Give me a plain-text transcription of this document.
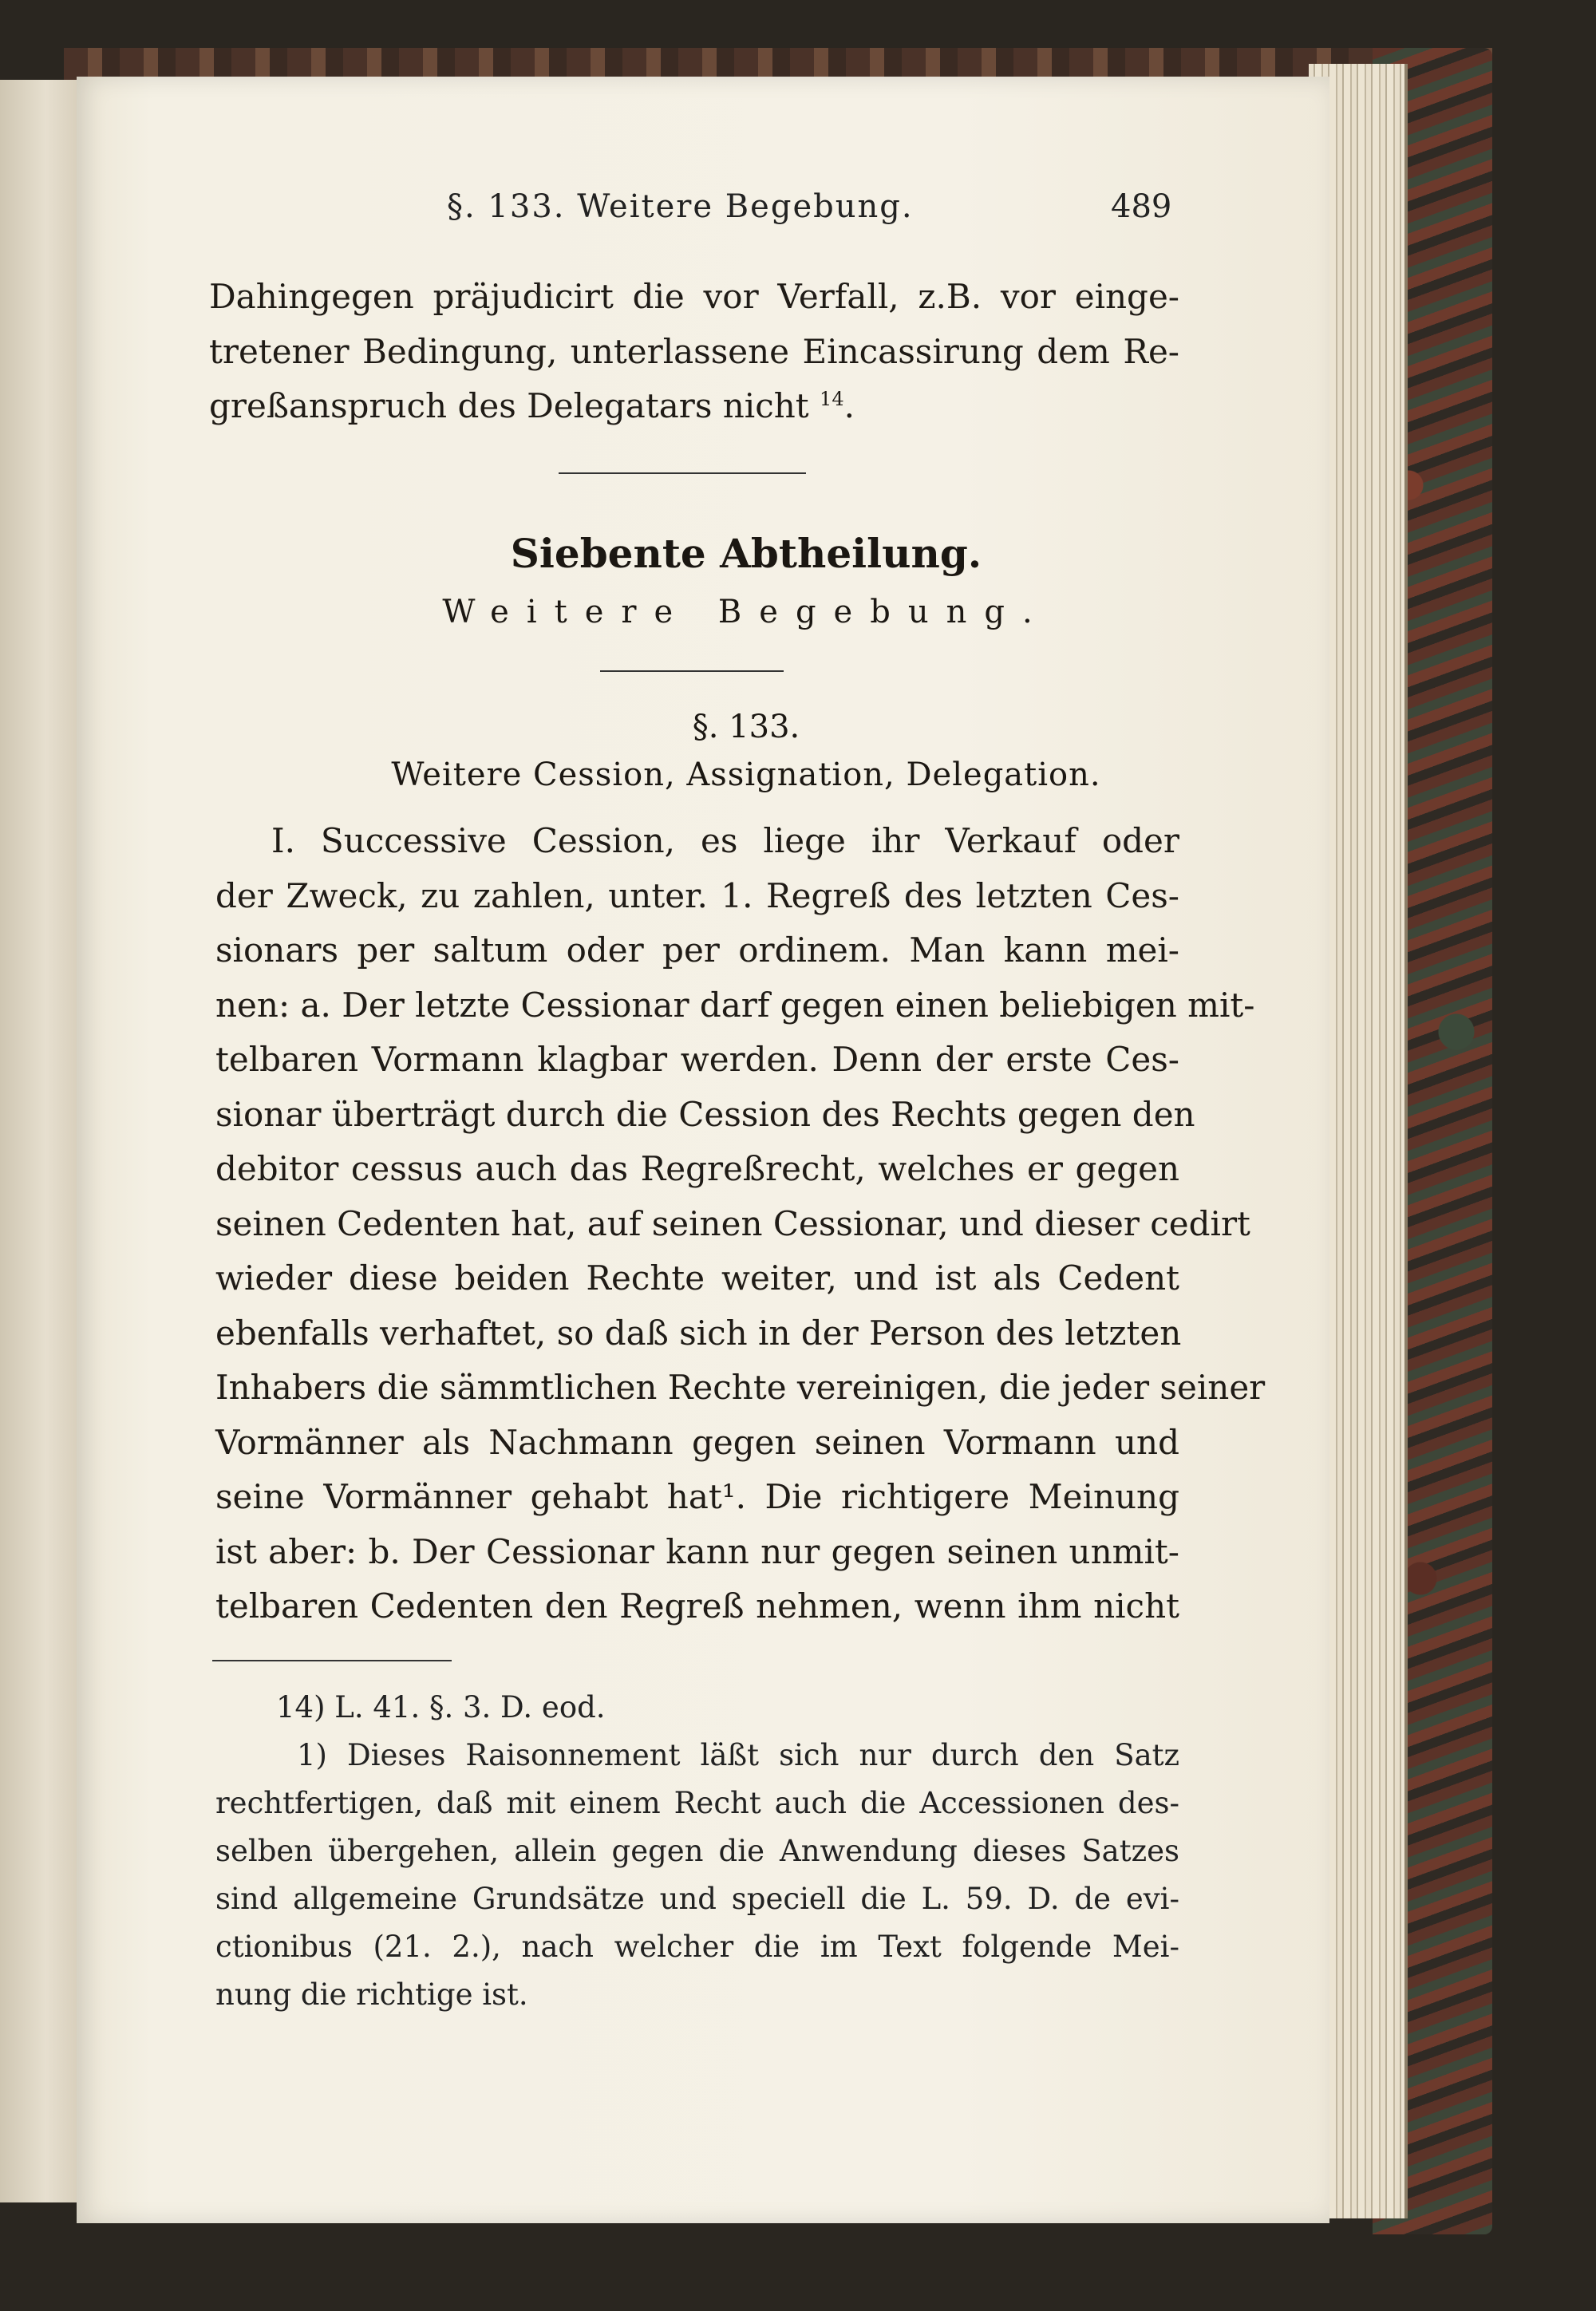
§. 133. Weitere Begebung.	489
Dahingegen präjudicirt die vor Verfall, z.B. vor einge-
tretener Bedingung, unterlassene Eincassirung dem Re-
greßanspruch des Delegatars nicht $^{14}$.
Siebente Abtheilung.
Weitere Begebung.
§. 133.
Weitere Cession, Assignation, Delegation.
I. Successive Cession, es liege ihr Verkauf oder
der Zweck, zu zahlen, unter. 1. Regreß des letzten Ces-
sionars per saltum oder per ordinem. Man kann mei-
nen: a. Der letzte Cessionar darf gegen einen beliebigen mit-
telbaren Vormann klagbar werden. Denn der erste Ces-
sionar überträgt durch die Cession des Rechts gegen den
debitor cessus auch das Regreßrecht, welches er gegen
seinen Cedenten hat, auf seinen Cessionar, und dieser cedirt
wieder diese beiden Rechte weiter, und ist als Cedent
ebenfalls verhaftet, so daß sich in der Person des letzten
Inhabers die sämmtlichen Rechte vereinigen, die jeder seiner
Vormänner als Nachmann gegen seinen Vormann und
seine Vormänner gehabt hat¹. Die richtigere Meinung
ist aber: b. Der Cessionar kann nur gegen seinen unmit-
telbaren Cedenten den Regreß nehmen, wenn ihm nicht
14) L. 41. §. 3. D. eod.
1) Dieses Raisonnement läßt sich nur durch den Satz
rechtfertigen, daß mit einem Recht auch die Accessionen des-
selben übergehen, allein gegen die Anwendung dieses Satzes
sind allgemeine Grundsätze und speciell die L. 59. D. de evi-
ctionibus (21. 2.), nach welcher die im Text folgende Mei-
nung die richtige ist.
